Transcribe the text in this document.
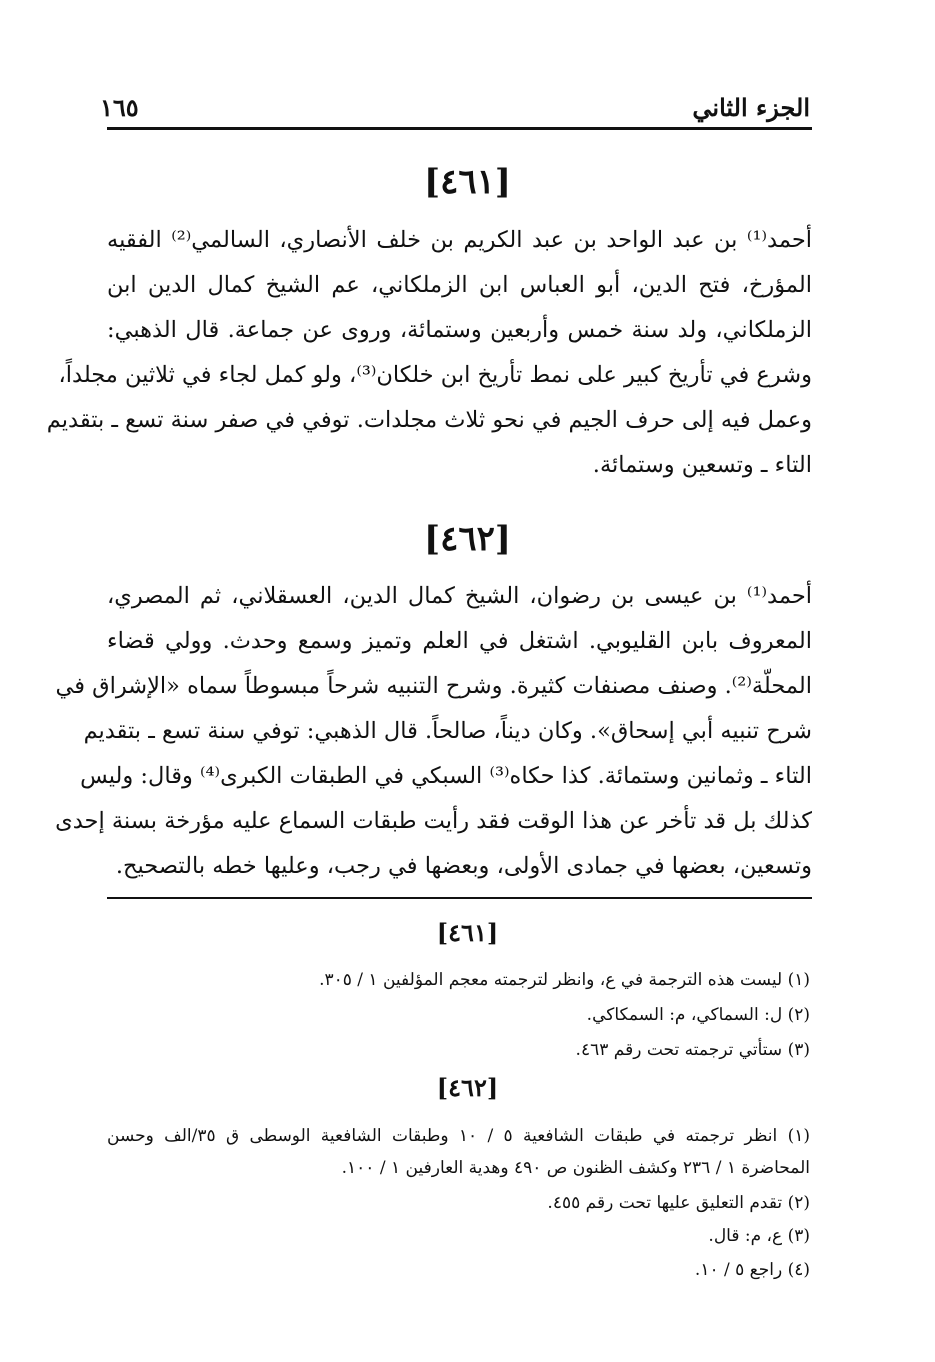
الجزء الثاني
١٦٥
[٤٦١]
أحمد⁽¹⁾ بن عبد الواحد بن عبد الكريم بن خلف الأنصاري، السالمي⁽²⁾ الفقيه
المؤرخ، فتح الدين، أبو العباس ابن الزملكاني، عم الشيخ كمال الدين ابن
الزملكاني، ولد سنة خمس وأربعين وستمائة، وروى عن جماعة. قال الذهبي:
وشرع في تأريخ كبير على نمط تأريخ ابن خلكان⁽³⁾، ولو كمل لجاء في ثلاثين مجلداً،
وعمل فيه إلى حرف الجيم في نحو ثلاث مجلدات. توفي في صفر سنة تسع ـ بتقديم
التاء ـ وتسعين وستمائة.
[٤٦٢]
أحمد⁽¹⁾ بن عيسى بن رضوان، الشيخ كمال الدين، العسقلاني، ثم المصري،
المعروف بابن القليوبي. اشتغل في العلم وتميز وسمع وحدث. وولي قضاء
المحلّة⁽²⁾. وصنف مصنفات كثيرة. وشرح التنبيه شرحاً مبسوطاً سماه «الإشراق في
شرح تنبيه أبي إسحاق». وكان ديناً، صالحاً. قال الذهبي: توفي سنة تسع ـ بتقديم
التاء ـ وثمانين وستمائة. كذا حكاه⁽³⁾ السبكي في الطبقات الكبرى⁽⁴⁾ وقال: وليس
كذلك بل قد تأخر عن هذا الوقت فقد رأيت طبقات السماع عليه مؤرخة بسنة إحدى
وتسعين، بعضها في جمادى الأولى، وبعضها في رجب، وعليها خطه بالتصحيح.
[٤٦١]
(١) ليست هذه الترجمة في ع، وانظر لترجمته معجم المؤلفين ١ / ٣٠٥.
(٢) ل: السماكي، م: السمكاكي.
(٣) ستأتي ترجمته تحت رقم ٤٦٣.
[٤٦٢]
(١) انظر ترجمته في طبقات الشافعية ٥ / ١٠ وطبقات الشافعية الوسطى ق ٣٥/الف وحسن المحاضرة ١ / ٢٣٦ وكشف الظنون ص ٤٩٠ وهدية العارفين ١ / ١٠٠.
(٢) تقدم التعليق عليها تحت رقم ٤٥٥.
(٣) ع، م: قال.
(٤) راجع ٥ / ١٠.
